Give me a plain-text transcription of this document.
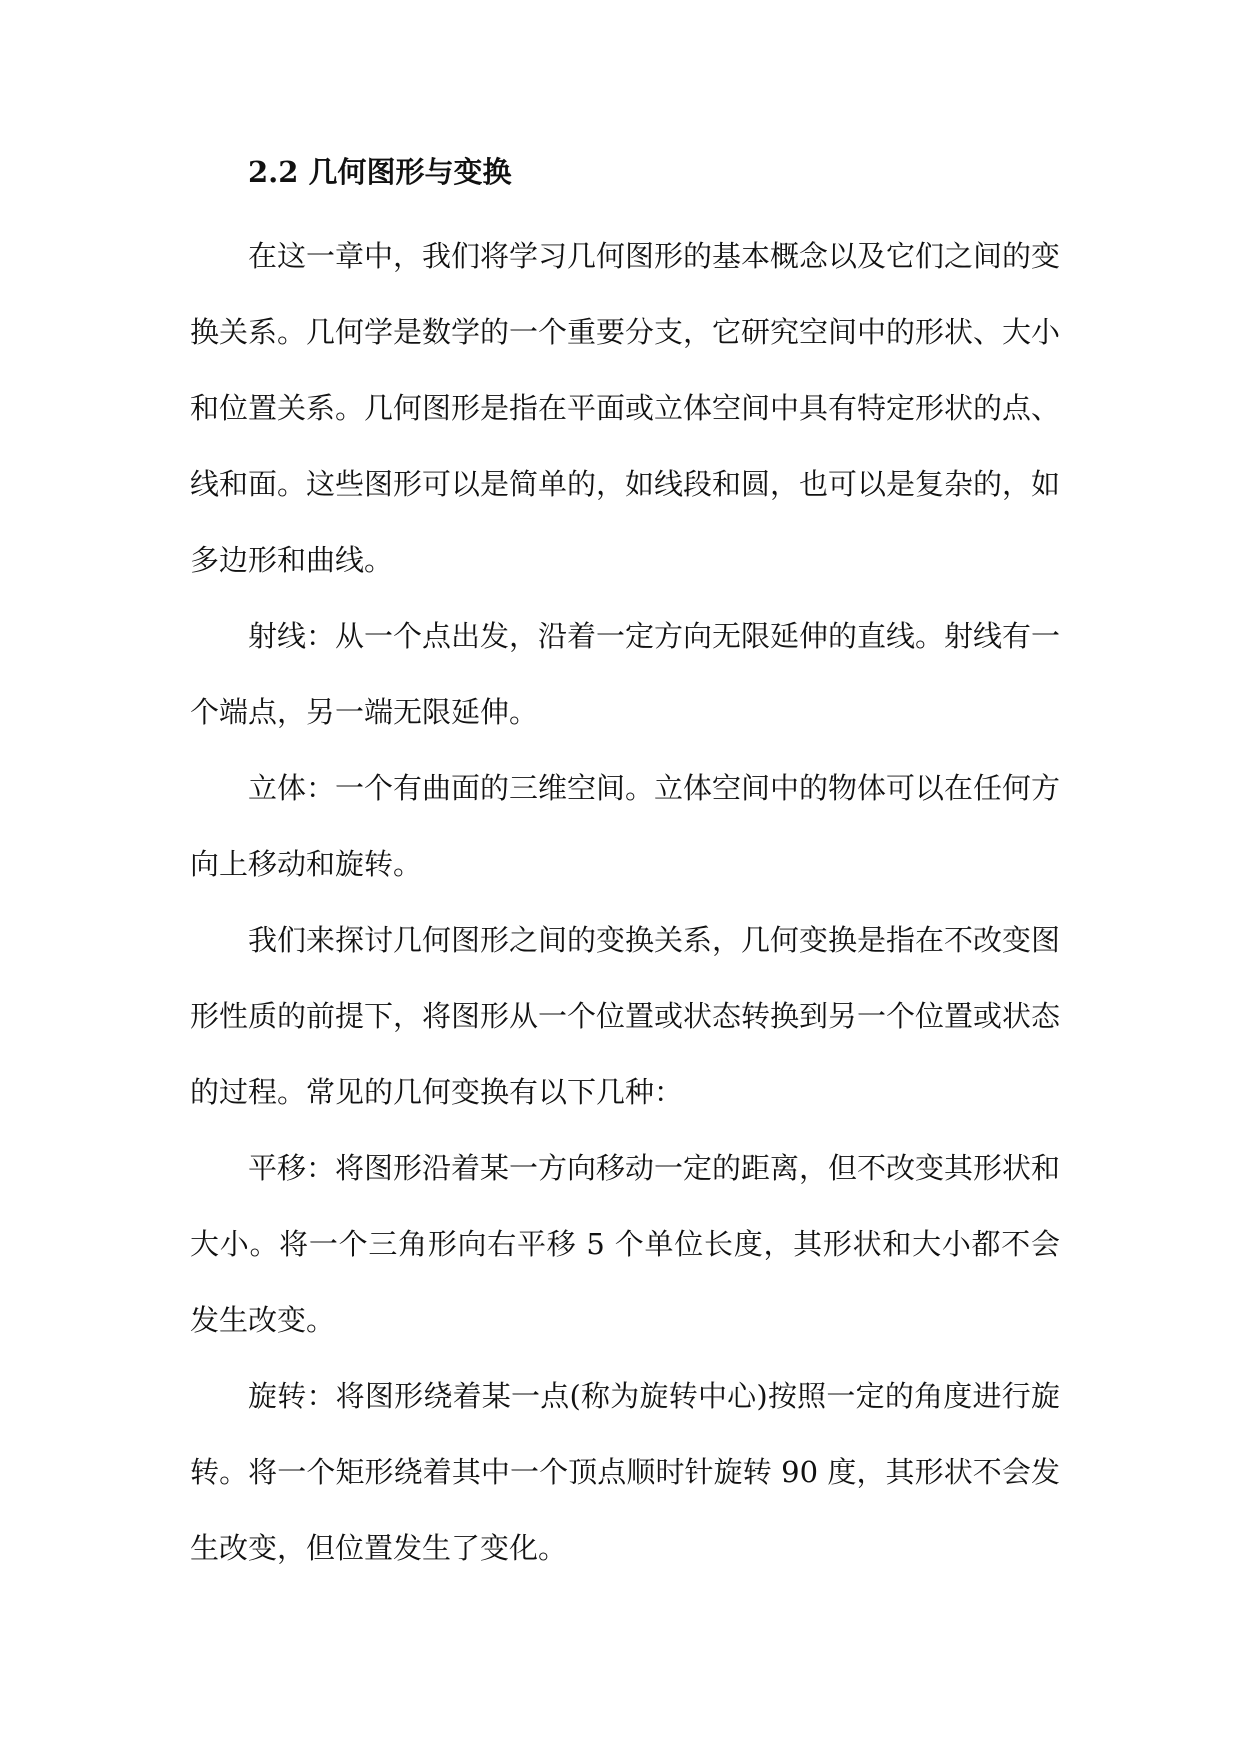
2.2 几何图形与变换

在这一章中，我们将学习几何图形的基本概念以及它们之间的变换关系。几何学是数学的一个重要分支，它研究空间中的形状、大小和位置关系。几何图形是指在平面或立体空间中具有特定形状的点、线和面。这些图形可以是简单的，如线段和圆，也可以是复杂的，如多边形和曲线。

射线：从一个点出发，沿着一定方向无限延伸的直线。射线有一个端点，另一端无限延伸。

立体：一个有曲面的三维空间。立体空间中的物体可以在任何方向上移动和旋转。

我们来探讨几何图形之间的变换关系，几何变换是指在不改变图形性质的前提下，将图形从一个位置或状态转换到另一个位置或状态的过程。常见的几何变换有以下几种：

平移：将图形沿着某一方向移动一定的距离，但不改变其形状和大小。将一个三角形向右平移 5 个单位长度，其形状和大小都不会发生改变。

旋转：将图形绕着某一点(称为旋转中心)按照一定的角度进行旋转。将一个矩形绕着其中一个顶点顺时针旋转 90 度，其形状不会发生改变，但位置发生了变化。
